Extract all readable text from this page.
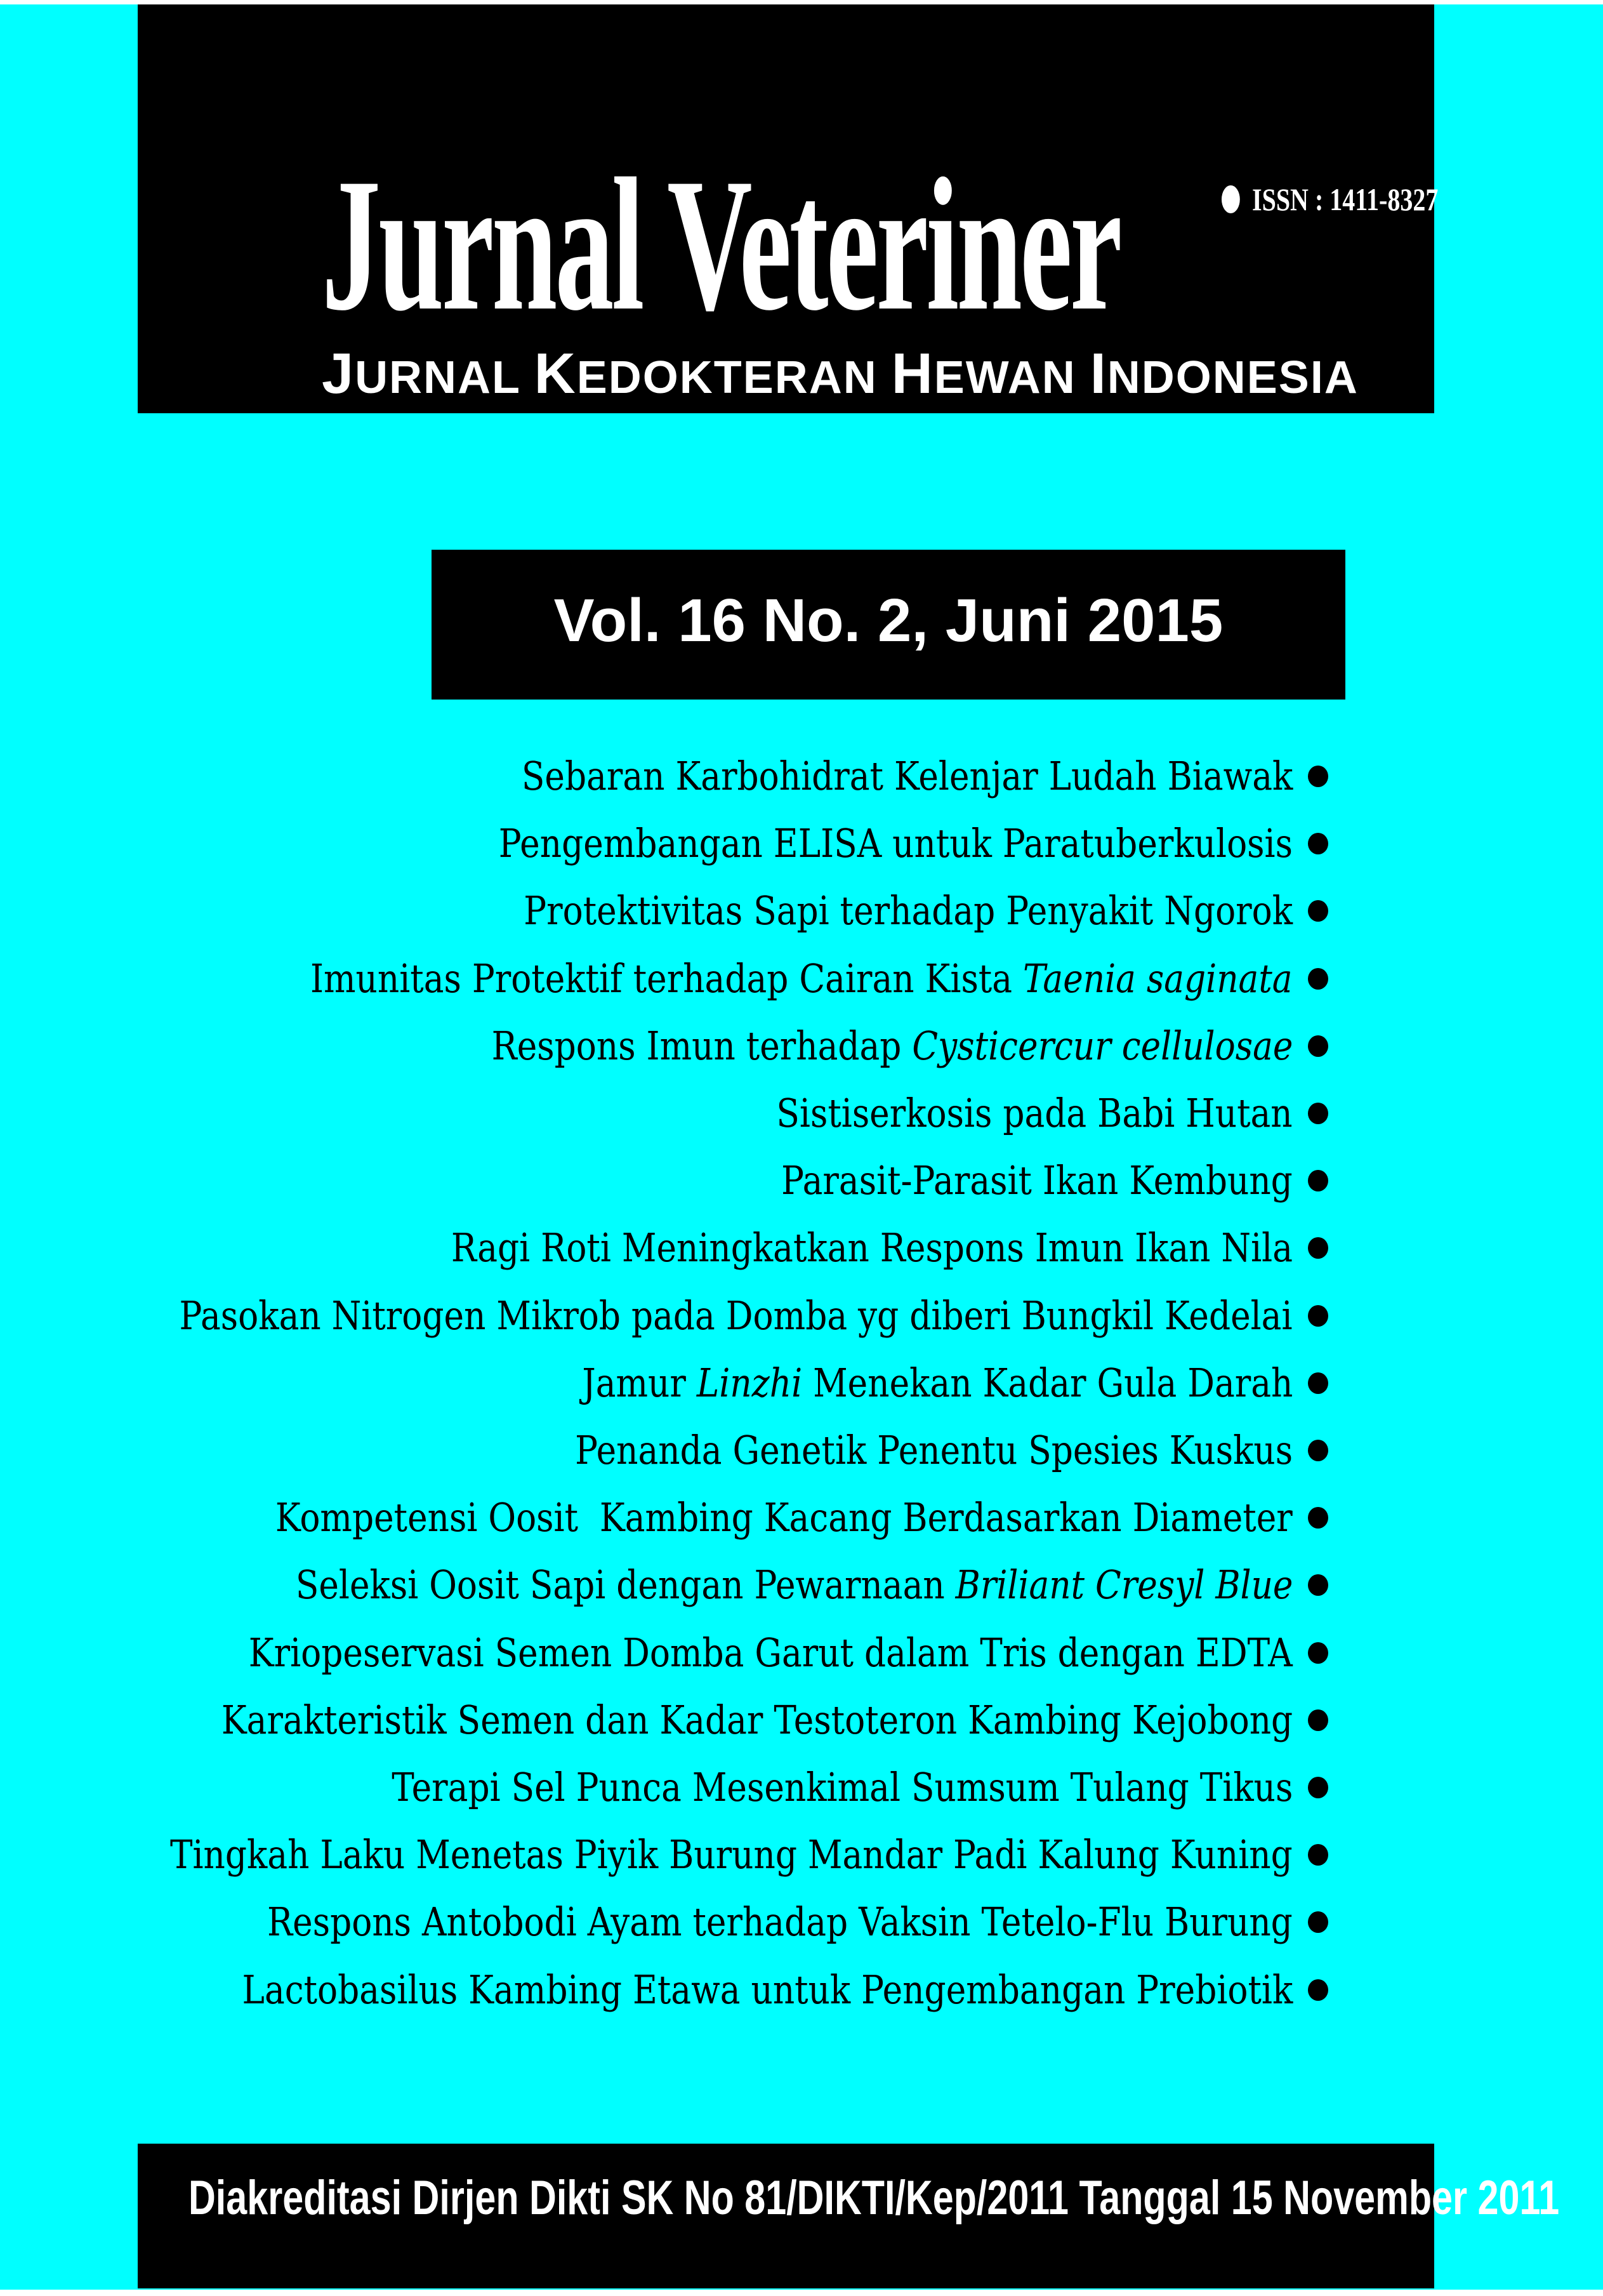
ISSN : 1411-8327
Jurnal Veteriner
JURNAL KEDOKTERAN HEWAN INDONESIA
Vol. 16 No. 2, Juni 2015
Sebaran Karbohidrat Kelenjar Ludah Biawak
Pengembangan ELISA untuk Paratuberkulosis
Protektivitas Sapi terhadap Penyakit Ngorok
Imunitas Protektif terhadap Cairan Kista Taenia saginata
Respons Imun terhadap Cysticercur cellulosae
Sistiserkosis pada Babi Hutan
Parasit-Parasit Ikan Kembung
Ragi Roti Meningkatkan Respons Imun Ikan Nila
Pasokan Nitrogen Mikrob pada Domba yg diberi Bungkil Kedelai
Jamur Linzhi Menekan Kadar Gula Darah
Penanda Genetik Penentu Spesies Kuskus
Kompetensi Oosit  Kambing Kacang Berdasarkan Diameter
Seleksi Oosit Sapi dengan Pewarnaan Briliant Cresyl Blue
Kriopeservasi Semen Domba Garut dalam Tris dengan EDTA
Karakteristik Semen dan Kadar Testoteron Kambing Kejobong
Terapi Sel Punca Mesenkimal Sumsum Tulang Tikus
Tingkah Laku Menetas Piyik Burung Mandar Padi Kalung Kuning
Respons Antobodi Ayam terhadap Vaksin Tetelo-Flu Burung
Lactobasilus Kambing Etawa untuk Pengembangan Prebiotik
Diakreditasi Dirjen Dikti SK No 81/DIKTI/Kep/2011 Tanggal 15 November 2011
